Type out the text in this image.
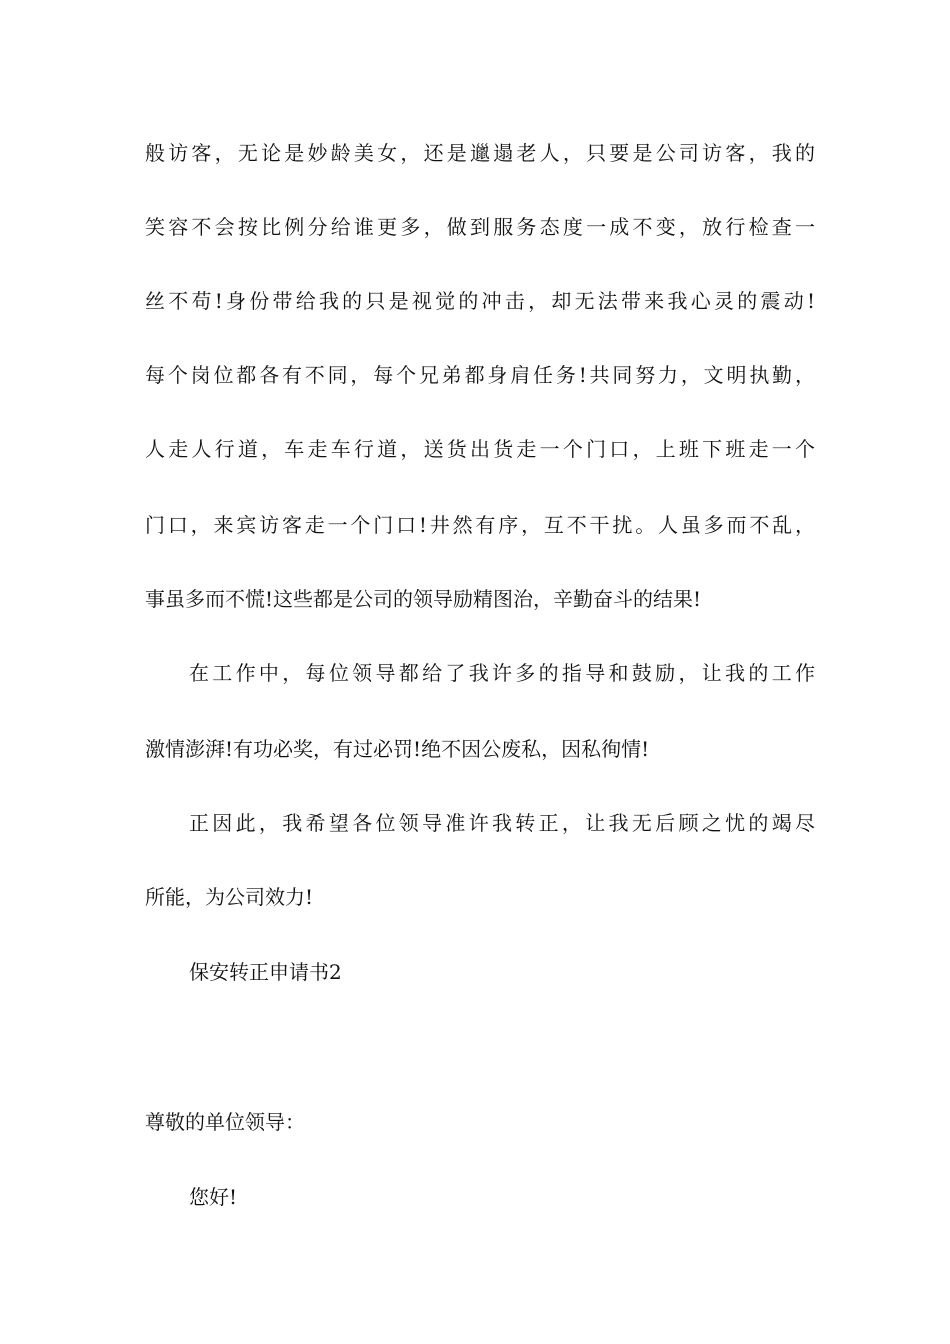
般访客，无论是妙龄美女，还是邋遢老人，只要是公司访客，我的
笑容不会按比例分给谁更多，做到服务态度一成不变，放行检查一
丝不苟!身份带给我的只是视觉的冲击，却无法带来我心灵的震动!
每个岗位都各有不同，每个兄弟都身肩任务!共同努力，文明执勤，
人走人行道，车走车行道，送货出货走一个门口，上班下班走一个
门口，来宾访客走一个门口!井然有序，互不干扰。人虽多而不乱，
事虽多而不慌!这些都是公司的领导励精图治，辛勤奋斗的结果!
在工作中，每位领导都给了我许多的指导和鼓励，让我的工作
激情澎湃!有功必奖，有过必罚!绝不因公废私，因私徇情!
正因此，我希望各位领导准许我转正，让我无后顾之忧的竭尽
所能，为公司效力!
保安转正申请书2
尊敬的单位领导：
您好!
